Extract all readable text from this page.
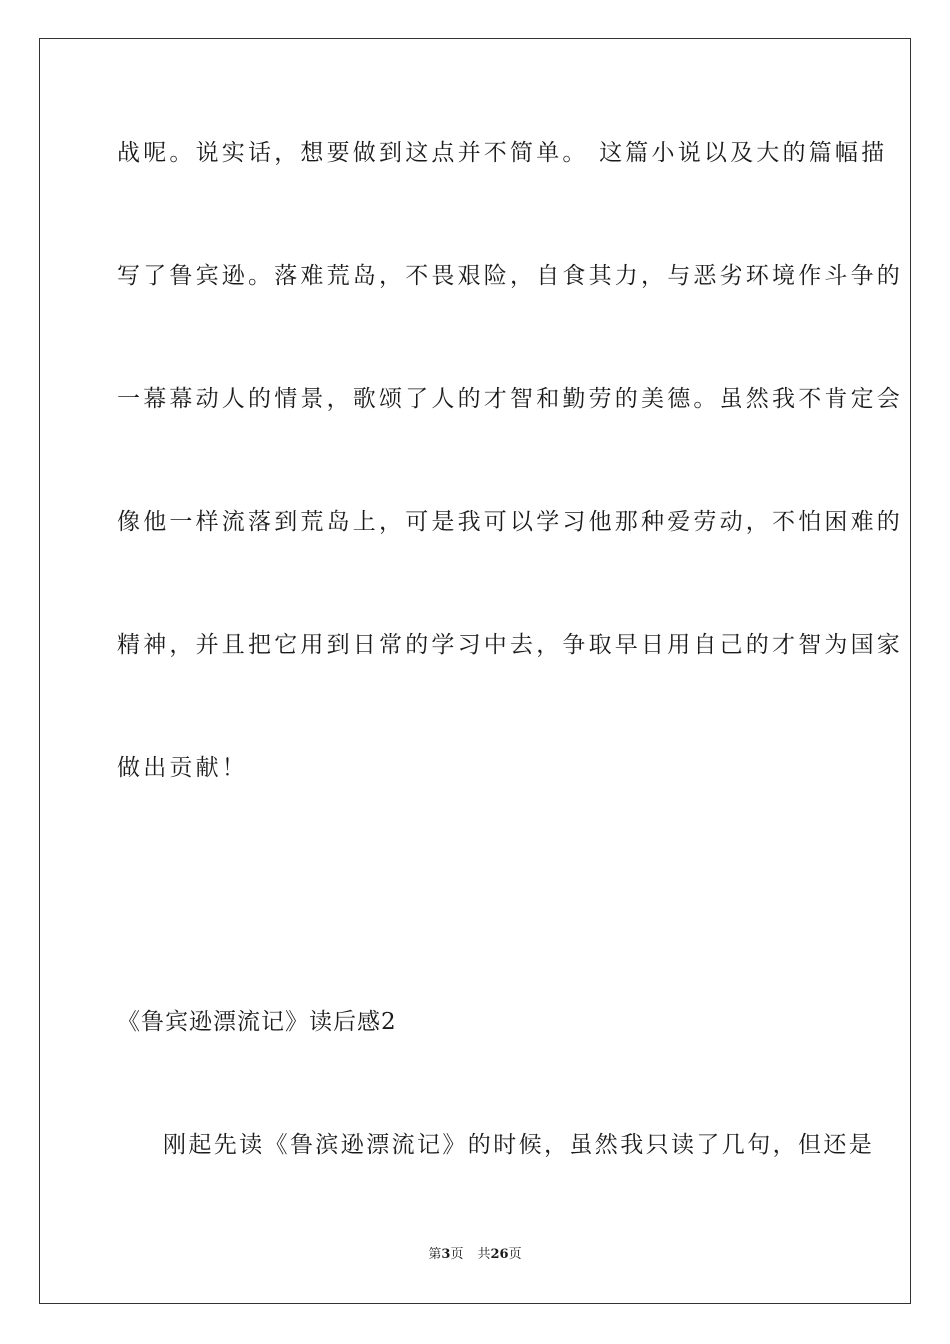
战呢。说实话，想要做到这点并不简单。 这篇小说以及大的篇幅描
写了鲁宾逊。落难荒岛，不畏艰险，自食其力，与恶劣环境作斗争的
一幕幕动人的情景，歌颂了人的才智和勤劳的美德。虽然我不肯定会
像他一样流落到荒岛上，可是我可以学习他那种爱劳动，不怕困难的
精神，并且把它用到日常的学习中去，争取早日用自己的才智为国家
做出贡献！
《鲁宾逊漂流记》读后感2
刚起先读《鲁滨逊漂流记》的时候，虽然我只读了几句，但还是
第3页 共26页
